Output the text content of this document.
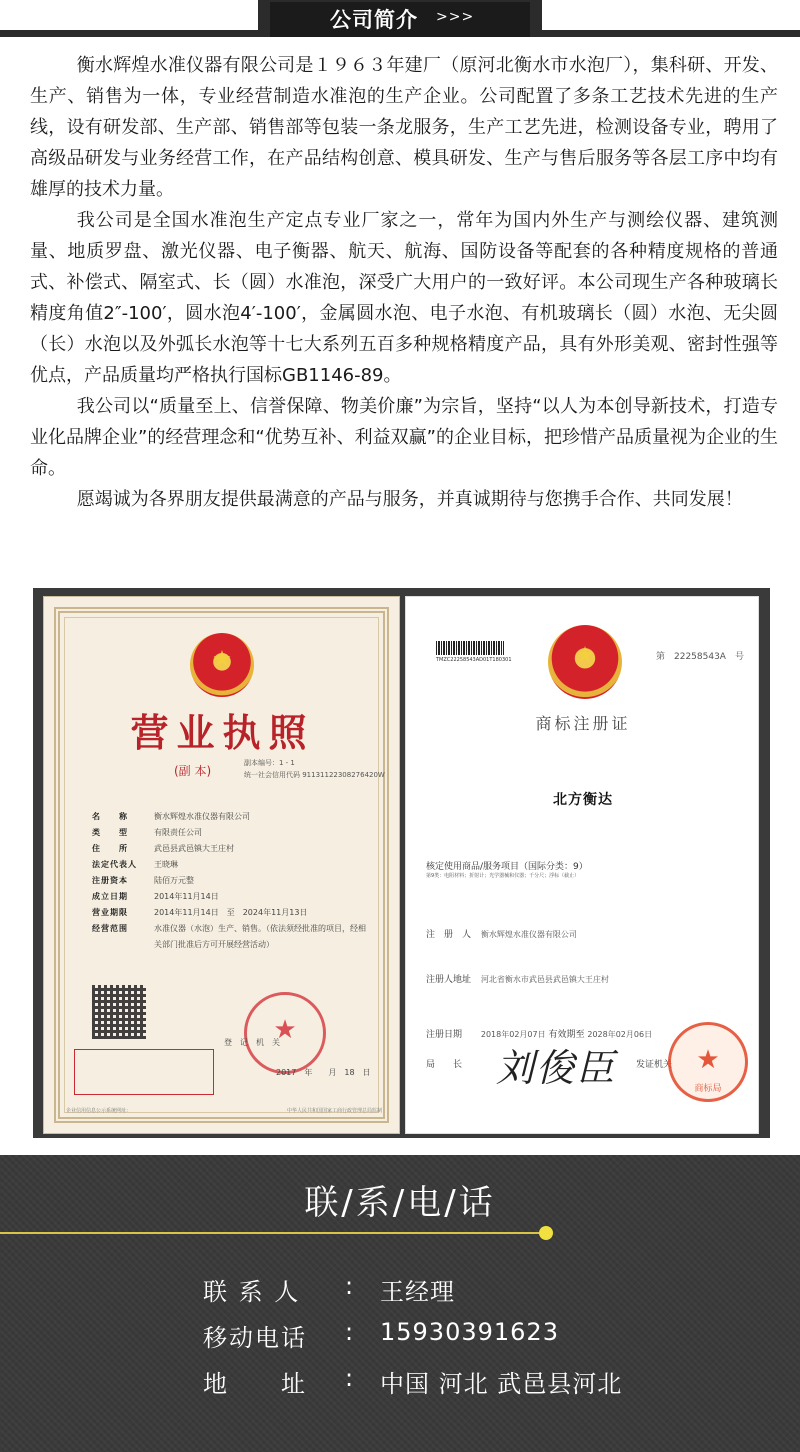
公司简介 >>>

衡水辉煌水准仪器有限公司是１９６３年建厂（原河北衡水市水泡厂），集科研、开发、生产、销售为一体，专业经营制造水准泡的生产企业。公司配置了多条工艺技术先进的生产线，设有研发部、生产部、销售部等包装一条龙服务，生产工艺先进，检测设备专业，聘用了高级品研发与业务经营工作，在产品结构创意、模具研发、生产与售后服务等各层工序中均有雄厚的技术力量。

我公司是全国水准泡生产定点专业厂家之一，常年为国内外生产与测绘仪器、建筑测量、地质罗盘、激光仪器、电子衡器、航天、航海、国防设备等配套的各种精度规格的普通式、补偿式、隔室式、长（圆）水准泡，深受广大用户的一致好评。本公司现生产各种玻璃长精度角值2″-100′，圆水泡4′-100′，金属圆水泡、电子水泡、有机玻璃长（圆）水泡、无尖圆（长）水泡以及外弧长水泡等十七大系列五百多种规格精度产品，具有外形美观、密封性强等优点，产品质量均严格执行国标GB1146-89。

我公司以“质量至上、信誉保障、物美价廉”为宗旨，坚持“以人为本创导新技术，打造专业化品牌企业”的经营理念和“优势互补、利益双赢”的企业目标，把珍惜产品质量视为企业的生命。

愿竭诚为各界朋友提供最满意的产品与服务，并真诚期待与您携手合作、共同发展！

★
营业执照
(副 本)
副本编号：1 - 1
统一社会信用代码 91131122308276420W
名　　称	衡水辉煌水准仪器有限公司
类　　型	有限责任公司
住　　所	武邑县武邑镇大王庄村
法定代表人	王晓琳
注册资本	陆佰万元整
成立日期	2014年11月14日
营业期限	2014年11月14日　至　2024年11月13日
经营范围	水准仪器（水泡）生产、销售。（依法须经批准的项目，经相关部门批准后方可开展经营活动）
★
登　记　机　关
2017　年　　月　18　日
企业信用信息公示系统网址：	中华人民共和国国家工商行政管理总局监制
TMZC22258543AD01T180301	★	第　22258543A　号
商标注册证
北方衡达
核定使用商品/服务项目（国际分类：9）
第9类：电阻材料；折射计；光学器械和仪器；千分尺；浮标（截止）
注　册　人 衡水辉煌水准仪器有限公司
注册人地址 河北省衡水市武邑县武邑镇大王庄村
注册日期 2018年02月07日 有效期至 2028年02月06日
局　　长	发证机关
刘俊臣	★
商标局
联/系/电/话
联 系 人	:	王经理
移动电话	:	15930391623
地　　址	:	中国 河北 武邑县河北
